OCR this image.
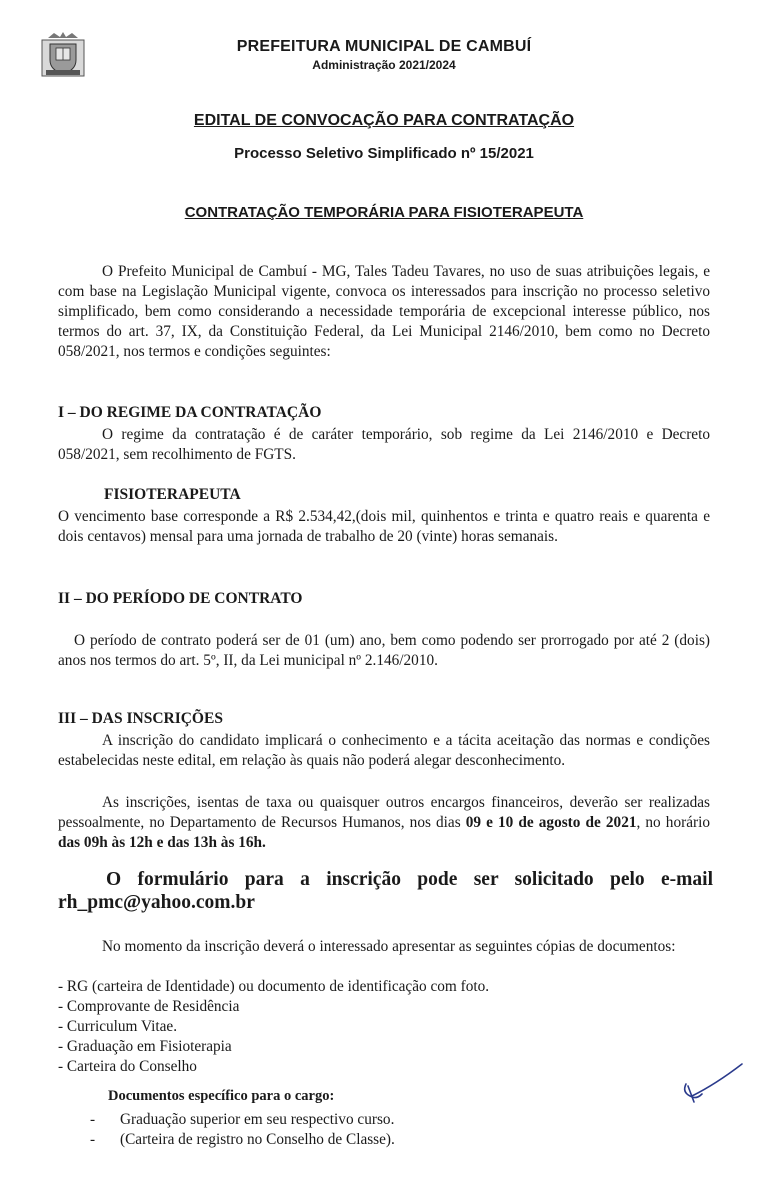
PREFEITURA MUNICIPAL DE CAMBUÍ
Administração 2021/2024
EDITAL DE CONVOCAÇÃO PARA CONTRATAÇÃO
Processo Seletivo Simplificado nº 15/2021
CONTRATAÇÃO TEMPORÁRIA PARA FISIOTERAPEUTA
O Prefeito Municipal de Cambuí - MG, Tales Tadeu Tavares, no uso de suas atribuições legais, e com base na Legislação Municipal vigente, convoca os interessados para inscrição no processo seletivo simplificado, bem como considerando a necessidade temporária de excepcional interesse público, nos termos do art. 37, IX, da Constituição Federal, da Lei Municipal 2146/2010, bem como no Decreto 058/2021, nos termos e condições seguintes:
I – DO REGIME DA CONTRATAÇÃO
O regime da contratação é de caráter temporário, sob regime da Lei 2146/2010 e Decreto 058/2021, sem recolhimento de FGTS.
FISIOTERAPEUTA
O vencimento base corresponde a R$ 2.534,42,(dois mil, quinhentos e trinta e quatro reais e quarenta e dois centavos) mensal para uma jornada de trabalho de 20 (vinte) horas semanais.
II – DO PERÍODO DE CONTRATO
O período de contrato poderá ser de 01 (um) ano, bem como podendo ser prorrogado por até 2 (dois) anos nos termos do art. 5º, II, da Lei municipal nº 2.146/2010.
III – DAS INSCRIÇÕES
A inscrição do candidato implicará o conhecimento e a tácita aceitação das normas e condições estabelecidas neste edital, em relação às quais não poderá alegar desconhecimento.
As inscrições, isentas de taxa ou quaisquer outros encargos financeiros, deverão ser realizadas pessoalmente, no Departamento de Recursos Humanos, nos dias 09 e 10 de agosto de 2021, no horário das 09h às 12h e das 13h às 16h.
O formulário para a inscrição pode ser solicitado pelo e-mail rh_pmc@yahoo.com.br
No momento da inscrição deverá o interessado apresentar as seguintes cópias de documentos:
- RG (carteira de Identidade) ou documento de identificação com foto.
- Comprovante de Residência
- Curriculum Vitae.
- Graduação em Fisioterapia
- Carteira do Conselho
Documentos específico para o cargo:
- Graduação superior em seu respectivo curso.
- (Carteira de registro no Conselho de Classe).
